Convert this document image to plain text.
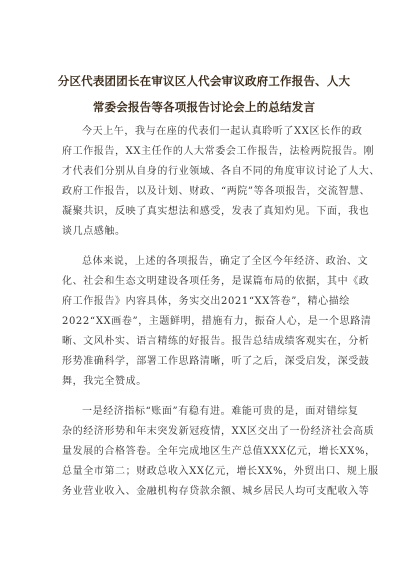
分区代表团团长在审议区人代会审议政府工作报告、人大
常委会报告等各项报告讨论会上的总结发言
今天上午，我与在座的代表们一起认真聆听了XX区长作的政
府工作报告，XX主任作的人大常委会工作报告，法检两院报告。刚
才代表们分别从自身的行业领域、各自不同的角度审议讨论了人大、
政府工作报告，以及计划、财政、“两院”等各项报告，交流智慧、
凝聚共识，反映了真实想法和感受，发表了真知灼见。下面，我也
谈几点感触。
总体来说，上述的各项报告，确定了全区今年经济、政治、文
化、社会和生态文明建设各项任务，是谋篇布局的依据，其中《政
府工作报告》内容具体，务实交出2021“XX答卷”，精心描绘
2022“XX画卷”，主题鲜明，措施有力，振奋人心，是一个思路清
晰、文风朴实、语言精练的好报告。报告总结成绩客观实在，分析
形势准确科学，部署工作思路清晰，听了之后，深受启发，深受鼓
舞，我完全赞成。
一是经济指标“账面”有稳有进。难能可贵的是，面对错综复
杂的经济形势和年末突发新冠疫情，XX区交出了一份经济社会高质
量发展的合格答卷。全年完成地区生产总值XXX亿元，增长XX%，
总量全市第二；财政总收入XX亿元，增长XX%，外贸出口、规上服
务业营业收入、金融机构存贷款余额、城乡居民人均可支配收入等
